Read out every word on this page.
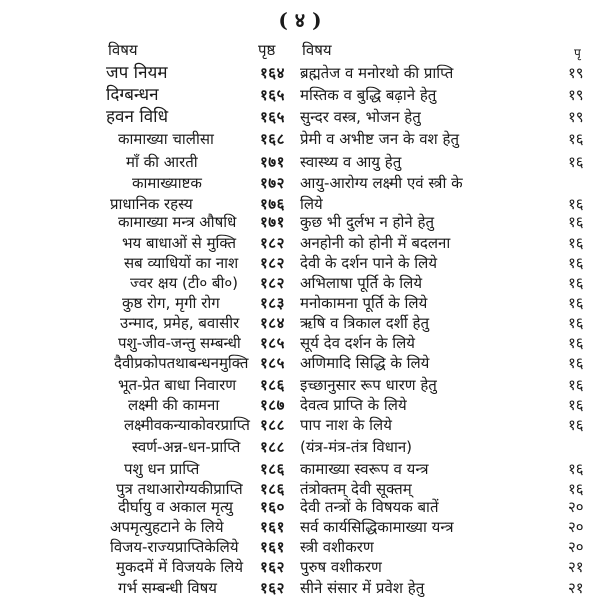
( ४ )
विषय	पृष्ठ विषय	पृ
जप नियम	१६४ ब्रह्मतेज व मनोरथो की प्राप्ति	१९
दिग्बन्धन	१६५ मस्तिक व बुद्धि बढ़ाने हेतु	१९
हवन विधि	१६५ सुन्दर वस्त्र, भोजन हेतु	१९
कामाख्या चालीसा	१६८ प्रेमी व अभीष्ट जन के वश हेतु	१६
माँ की आरती	१७१ स्वास्थ्य व आयु हेतु	१६
कामाख्याष्टक	१७२ आयु-आरोग्य लक्ष्मी एवं स्त्री के
प्राधानिक रहस्य	१७६ लिये	१६
कामाख्या मन्त्र औषधि १७१ कुछ भी दुर्लभ न होने हेतु	१६
भय बाधाओं से मुक्ति १८२ अनहोनी को होनी में बदलना	१६
सब व्याधियों का नाश १८२ देवी के दर्शन पाने के लिये	१६
ज्वर क्षय (टी० बी०) १८२ अभिलाषा पूर्ति के लिये	१६
कुष्ठ रोग, मृगी रोग	१८३ मनोकामना पूर्ति के लिये	१६
उन्माद, प्रमेह, बवासीर १८४ ऋषि व त्रिकाल दर्शी हेतु	१६
पशु-जीव-जन्तु सम्बन्धी १८५ सूर्य देव दर्शन के लिये	१६
दैवीप्रकोपतथाबन्धनमुक्ति १८५ अणिमादि सिद्धि के लिये	१६
भूत-प्रेत बाधा निवारण १८६ इच्छानुसार रूप धारण हेतु	१६
लक्ष्मी की कामना	१८७ देवत्व प्राप्ति के लिये	१६
लक्ष्मीवकन्याकोवरप्राप्ति १८८ पाप नाश के लिये	१६
स्वर्ण-अन्न-धन-प्राप्ति १८८ (यंत्र-मंत्र-तंत्र विधान)
पशु धन प्राप्ति	१८६ कामाख्या स्वरूप व यन्त्र	१६
पुत्र तथाआरोग्यकीप्राप्ति १८६ तंत्रोक्तम् देवी सूक्तम्	१६
दीर्घायु व अकाल मृत्यु १६० देवी तन्त्रों के विषयक बातें	२०
अपमृत्युहटाने के लिये १६१ सर्व कार्यसिद्धिकामाख्या यन्त्र	२०
विजय-राज्यप्राप्तिकेलिये १६१ स्त्री वशीकरण	२०
मुकदमें में विजयके लिये १६२ पुरुष वशीकरण	२१
गर्भ सम्बन्धी विषय	१६२ सीने संसार में प्रवेश हेतु	२१
